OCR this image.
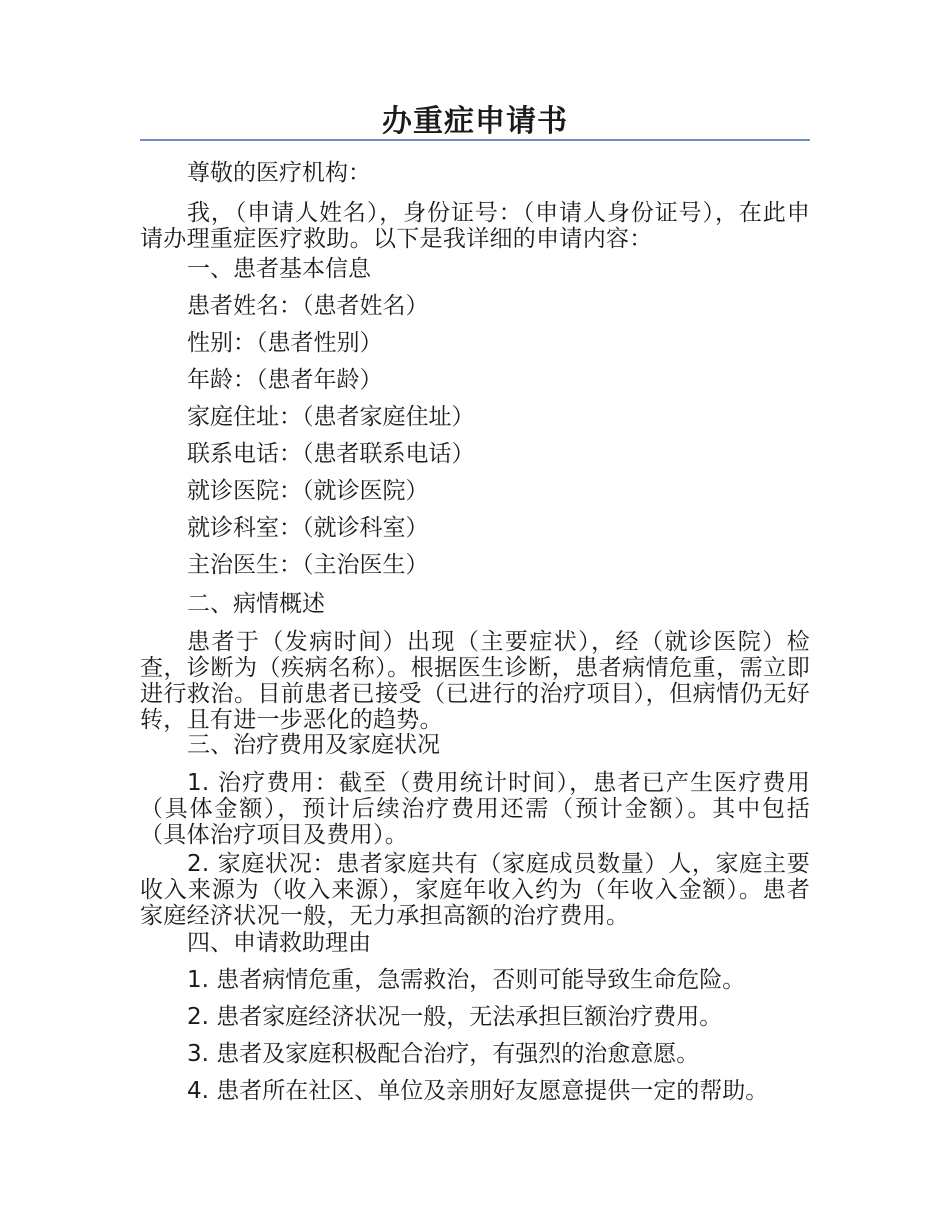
办重症申请书
尊敬的医疗机构：
我，（申请人姓名），身份证号：（申请人身份证号），在此申请办理重症医疗救助。以下是我详细的申请内容：
一、患者基本信息
患者姓名：（患者姓名）
性别：（患者性别）
年龄：（患者年龄）
家庭住址：（患者家庭住址）
联系电话：（患者联系电话）
就诊医院：（就诊医院）
就诊科室：（就诊科室）
主治医生：（主治医生）
二、病情概述
患者于（发病时间）出现（主要症状），经（就诊医院）检查，诊断为（疾病名称）。根据医生诊断，患者病情危重，需立即进行救治。目前患者已接受（已进行的治疗项目），但病情仍无好转，且有进一步恶化的趋势。
三、治疗费用及家庭状况
1. 治疗费用：截至（费用统计时间），患者已产生医疗费用（具体金额），预计后续治疗费用还需（预计金额）。其中包括（具体治疗项目及费用）。
2. 家庭状况：患者家庭共有（家庭成员数量）人，家庭主要收入来源为（收入来源），家庭年收入约为（年收入金额）。患者家庭经济状况一般，无力承担高额的治疗费用。
四、申请救助理由
1. 患者病情危重，急需救治，否则可能导致生命危险。
2. 患者家庭经济状况一般，无法承担巨额治疗费用。
3. 患者及家庭积极配合治疗，有强烈的治愈意愿。
4. 患者所在社区、单位及亲朋好友愿意提供一定的帮助。
